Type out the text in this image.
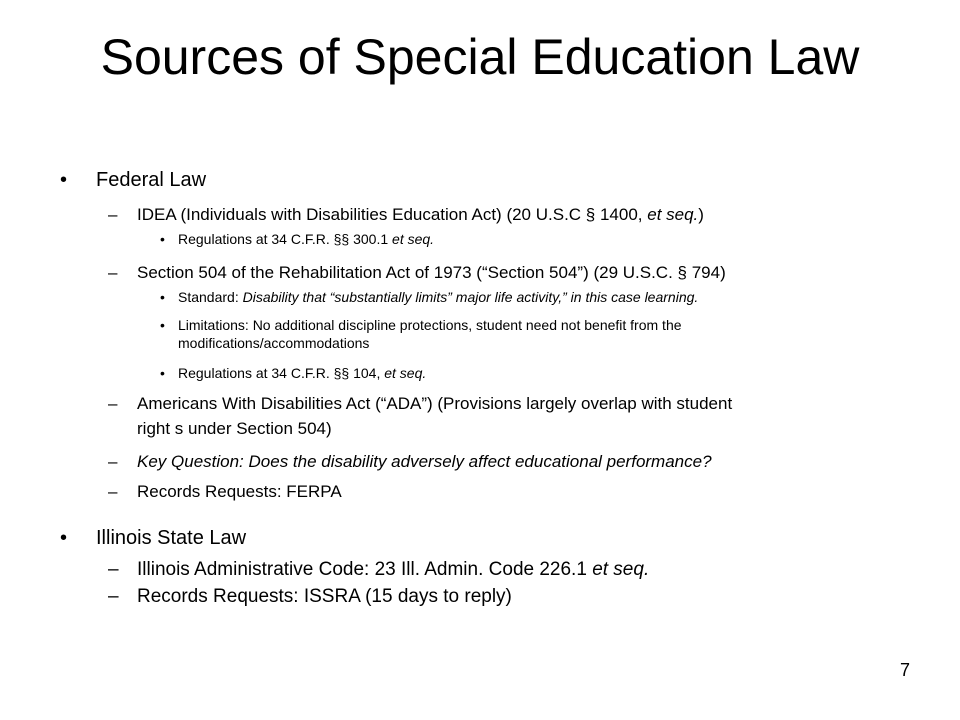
Sources of Special Education Law
• Federal Law
– IDEA (Individuals with Disabilities Education Act) (20 U.S.C § 1400, et seq.)
• Regulations at 34 C.F.R. §§ 300.1 et seq.
– Section 504 of the Rehabilitation Act of 1973 (“Section 504”) (29 U.S.C. § 794)
• Standard: Disability that “substantially limits” major life activity,” in this case learning.
• Limitations: No additional discipline protections, student need not benefit from the
modifications/accommodations
• Regulations at 34 C.F.R. §§ 104, et seq.
– Americans With Disabilities Act (“ADA”) (Provisions largely overlap with student
right s under Section 504)
– Key Question: Does the disability adversely affect educational performance?
– Records Requests: FERPA
• Illinois State Law
– Illinois Administrative Code: 23 Ill. Admin. Code 226.1 et seq.
– Records Requests: ISSRA (15 days to reply)
7
